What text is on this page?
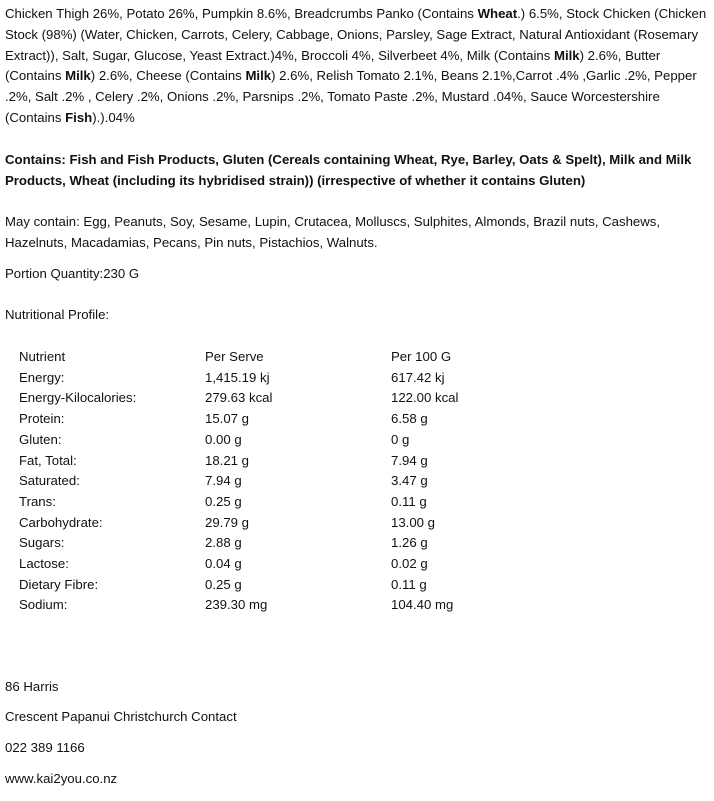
Chicken Thigh 26%, Potato 26%, Pumpkin 8.6%, Breadcrumbs Panko (Contains Wheat.) 6.5%, Stock Chicken (Chicken Stock (98%) (Water, Chicken, Carrots, Celery, Cabbage, Onions, Parsley, Sage Extract, Natural Antioxidant (Rosemary Extract)), Salt, Sugar, Glucose, Yeast Extract.)4%, Broccoli 4%, Silverbeet 4%, Milk (Contains Milk) 2.6%, Butter (Contains Milk) 2.6%, Cheese (Contains Milk) 2.6%, Relish Tomato 2.1%, Beans 2.1%,Carrot .4% ,Garlic .2%, Pepper .2%, Salt .2% , Celery .2%, Onions .2%, Parsnips .2%, Tomato Paste .2%, Mustard .04%, Sauce Worcestershire (Contains Fish).).04%

Contains: Fish and Fish Products, Gluten (Cereals containing Wheat, Rye, Barley, Oats & Spelt), Milk and Milk Products, Wheat (including its hybridised strain)) (irrespective of whether it contains Gluten)

May contain: Egg, Peanuts, Soy, Sesame, Lupin, Crutacea, Molluscs, Sulphites, Almonds, Brazil nuts, Cashews, Hazelnuts, Macadamias, Pecans, Pin nuts, Pistachios, Walnuts.

Portion Quantity:230 G

Nutritional Profile:

Nutrient	Per Serve	Per 100 G
Energy:	1,415.19 kj	617.42 kj
Energy-Kilocalories:	279.63 kcal	122.00 kcal
Protein:	15.07 g	6.58 g
Gluten:	0.00 g	0 g
Fat, Total:	18.21 g	7.94 g
Saturated:	7.94 g	3.47 g
Trans:	0.25 g	0.11 g
Carbohydrate:	29.79 g	13.00 g
Sugars:	2.88 g	1.26 g
Lactose:	0.04 g	0.02 g
Dietary Fibre:	0.25 g	0.11 g
Sodium:	239.30 mg	104.40 mg

86 Harris

Crescent Papanui Christchurch Contact

022 389 1166

www.kai2you.co.nz
